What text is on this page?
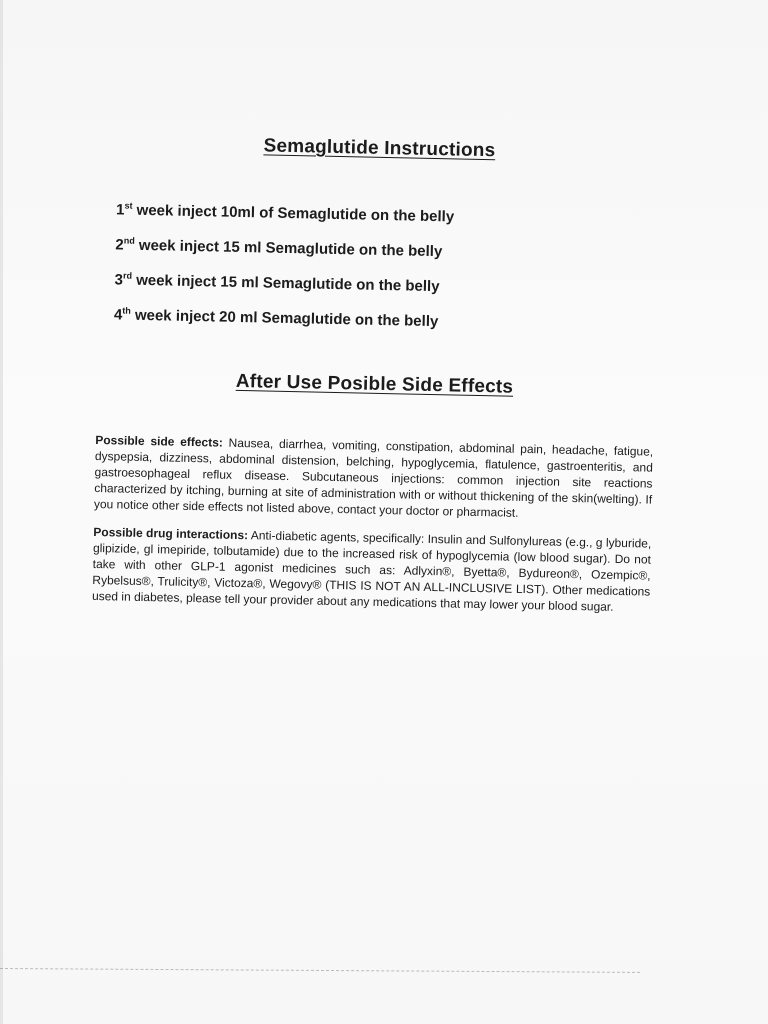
Semaglutide Instructions
1st week inject 10ml of Semaglutide on the belly
2nd week inject 15 ml Semaglutide on the belly
3rd week inject 15 ml Semaglutide on the belly
4th week inject 20 ml Semaglutide on the belly
After Use Posible Side Effects

Possible side effects: Nausea, diarrhea, vomiting, constipation, abdominal pain, headache, fatigue, dyspepsia, dizziness, abdominal distension, belching, hypoglycemia, flatulence, gastroenteritis, and gastroesophageal reflux disease. Subcutaneous injections: common injection site reactions characterized by itching, burning at site of administration with or without thickening of the skin(welting). If you notice other side effects not listed above, contact your doctor or pharmacist.

Possible drug interactions: Anti-diabetic agents, specifically: Insulin and Sulfonylureas (e.g., g lyburide, glipizide, gl imepiride, tolbutamide) due to the increased risk of hypoglycemia (low blood sugar). Do not take with other GLP-1 agonist medicines such as: Adlyxin®, Byetta®, Bydureon®, Ozempic®, Rybelsus®, Trulicity®, Victoza®, Wegovy® (THIS IS NOT AN ALL-INCLUSIVE LIST). Other medications used in diabetes, please tell your provider about any medications that may lower your blood sugar.
